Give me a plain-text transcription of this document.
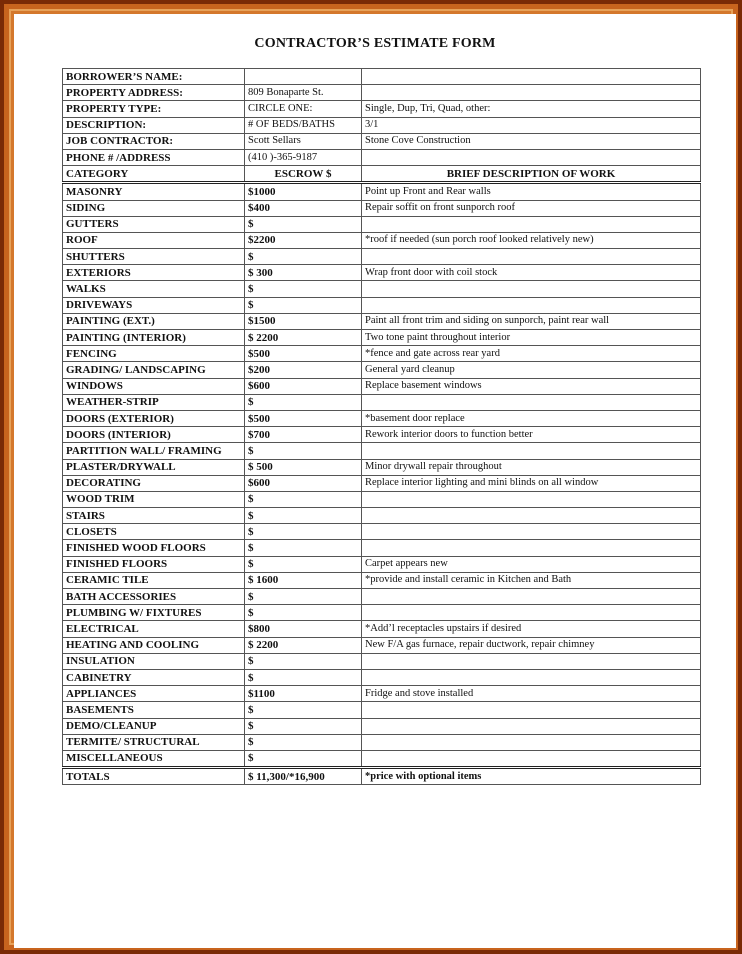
CONTRACTOR’S ESTIMATE FORM
BORROWER’S NAME:		
PROPERTY ADDRESS:	809 Bonaparte St.	
PROPERTY TYPE:	CIRCLE ONE:	Single, Dup, Tri, Quad, other:
DESCRIPTION:	# OF BEDS/BATHS	3/1
JOB CONTRACTOR:	Scott Sellars	Stone Cove Construction
PHONE # /ADDRESS	(410 )-365-9187	
CATEGORY	ESCROW $	BRIEF DESCRIPTION OF WORK
MASONRY	$1000	Point up Front and Rear walls
SIDING	$400	Repair soffit on front sunporch roof
GUTTERS	$	
ROOF	$2200	*roof if needed (sun porch roof looked relatively new)
SHUTTERS	$	
EXTERIORS	$ 300	Wrap front door with coil stock
WALKS	$	
DRIVEWAYS	$	
PAINTING (EXT.)	$1500	Paint all front trim and siding on sunporch, paint rear wall
PAINTING (INTERIOR)	$ 2200	Two tone paint throughout interior
FENCING	$500	*fence and gate across rear yard
GRADING/ LANDSCAPING	$200	General yard cleanup
WINDOWS	$600	Replace basement windows
WEATHER-STRIP	$	
DOORS (EXTERIOR)	$500	*basement door replace
DOORS (INTERIOR)	$700	Rework interior doors to function better
PARTITION WALL/ FRAMING	$	
PLASTER/DRYWALL	$ 500	Minor drywall repair throughout
DECORATING	$600	Replace interior lighting and mini blinds on all window
WOOD TRIM	$	
STAIRS	$	
CLOSETS	$	
FINISHED WOOD FLOORS	$	
FINISHED FLOORS	$	Carpet appears new
CERAMIC TILE	$ 1600	*provide and install ceramic in Kitchen and Bath
BATH ACCESSORIES	$	
PLUMBING W/ FIXTURES	$	
ELECTRICAL	$800	*Add’l receptacles upstairs if desired
HEATING AND COOLING	$ 2200	New F/A gas furnace, repair ductwork, repair chimney
INSULATION	$	
CABINETRY	$	
APPLIANCES	$1100	Fridge and stove installed
BASEMENTS	$	
DEMO/CLEANUP	$	
TERMITE/ STRUCTURAL	$	
MISCELLANEOUS	$	
TOTALS	$ 11,300/*16,900	*price with optional items
